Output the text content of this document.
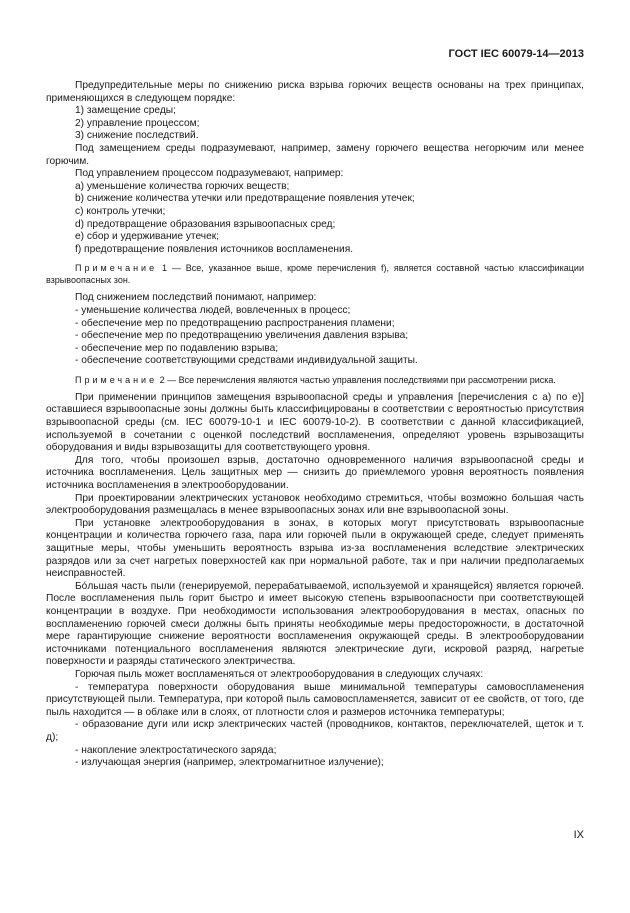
ГОСТ IEC 60079-14—2013

Предупредительные меры по снижению риска взрыва горючих веществ основаны на трех принципах, применяющихся в следующем порядке:

1) замещение среды;

2) управление процессом;

3) снижение последствий.

Под замещением среды подразумевают, например, замену горючего вещества негорючим или менее горючим.

Под управлением процессом подразумевают, например:

a) уменьшение количества горючих веществ;

b) снижение количества утечки или предотвращение появления утечек;

c) контроль утечки;

d) предотвращение образования взрывоопасных сред;

e) сбор и удерживание утечек;

f) предотвращение появления источников воспламенения.

Примечание 1 — Все, указанное выше, кроме перечисления f), является составной частью классификации взрывоопасных зон.

Под снижением последствий понимают, например:

- уменьшение количества людей, вовлеченных в процесс;

- обеспечение мер по предотвращению распространения пламени;

- обеспечение мер по предотвращению увеличения давления взрыва;

- обеспечение мер по подавлению взрыва;

- обеспечение соответствующими средствами индивидуальной защиты.

Примечание 2 — Все перечисления являются частью управления последствиями при рассмотрении риска.

При применении принципов замещения взрывоопасной среды и управления [перечисления с а) по е)] оставшиеся взрывоопасные зоны должны быть классифицированы в соответствии с вероятностью присутствия взрывоопасной среды (см. IEC 60079-10-1 и IEC 60079-10-2). В соответствии с данной классификацией, используемой в сочетании с оценкой последствий воспламенения, определяют уровень взрывозащиты оборудования и виды взрывозащиты для соответствующего уровня.

Для того, чтобы произошел взрыв, достаточно одновременного наличия взрывоопасной среды и источника воспламенения. Цель защитных мер — снизить до приемлемого уровня вероятность появления источника воспламенения в электрооборудовании.

При проектировании электрических установок необходимо стремиться, чтобы возможно большая часть электрооборудования размещалась в менее взрывоопасных зонах или вне взрывоопасной зоны.

При установке электрооборудования в зонах, в которых могут присутствовать взрывоопасные концентрации и количества горючего газа, пара или горючей пыли в окружающей среде, следует применять защитные меры, чтобы уменьшить вероятность взрыва из-за воспламенения вследствие электрических разрядов или за счет нагретых поверхностей как при нормальной работе, так и при наличии предполагаемых неисправностей.

Бóльшая часть пыли (генерируемой, перерабатываемой, используемой и хранящейся) является горючей. После воспламенения пыль горит быстро и имеет высокую степень взрывоопасности при соответствующей концентрации в воздухе. При необходимости использования электрооборудования в местах, опасных по воспламенению горючей смеси должны быть приняты необходимые меры предосторожности, в достаточной мере гарантирующие снижение вероятности воспламенения окружающей среды. В электрооборудовании источниками потенциального воспламенения являются электрические дуги, искровой разряд, нагретые поверхности и разряды статического электричества.

Горючая пыль может воспламеняться от электрооборудования в следующих случаях:

- температура поверхности оборудования выше минимальной температуры самовоспламенения присутствующей пыли. Температура, при которой пыль самовоспламеняется, зависит от ее свойств, от того, где пыль находится — в облаке или в слоях, от плотности слоя и размеров источника температуры;

- образование дуги или искр электрических частей (проводников, контактов, переключателей, щеток и т. д);

- накопление электростатического заряда;

- излучающая энергия (например, электромагнитное излучение);

IX
